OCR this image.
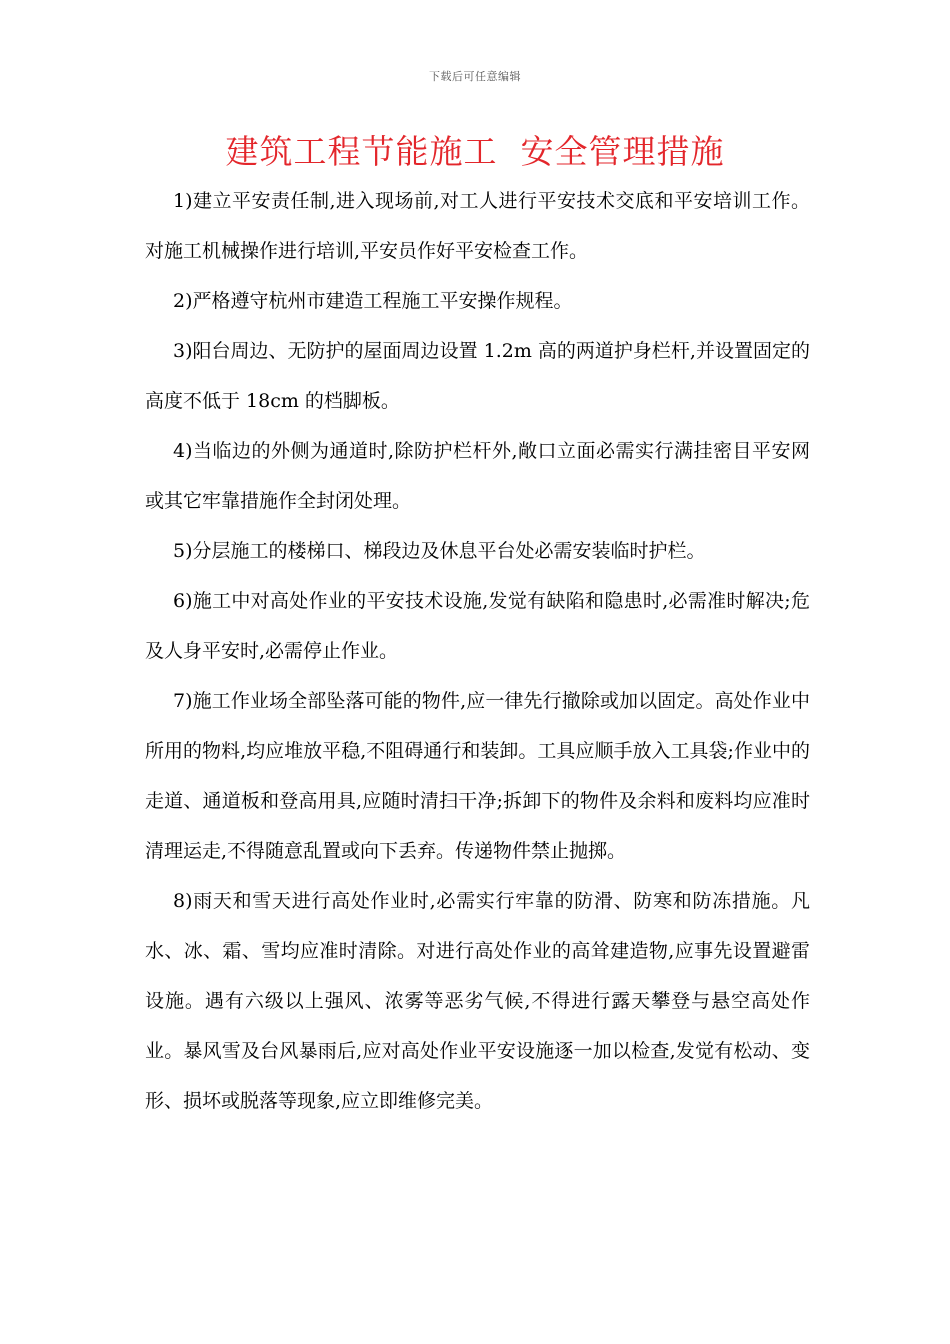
下载后可任意编辑
建筑工程节能施工  安全管理措施

1)建立平安责任制,进入现场前,对工人进行平安技术交底和平安培训工作。对施工机械操作进行培训,平安员作好平安检查工作。

2)严格遵守杭州市建造工程施工平安操作规程。

3)阳台周边、无防护的屋面周边设置 1.2m 高的两道护身栏杆,并设置固定的高度不低于 18cm 的档脚板。

4)当临边的外侧为通道时,除防护栏杆外,敞口立面必需实行满挂密目平安网或其它牢靠措施作全封闭处理。

5)分层施工的楼梯口、梯段边及休息平台处必需安装临时护栏。

6)施工中对高处作业的平安技术设施,发觉有缺陷和隐患时,必需准时解决;危及人身平安时,必需停止作业。

7)施工作业场全部坠落可能的物件,应一律先行撤除或加以固定。高处作业中所用的物料,均应堆放平稳,不阻碍通行和装卸。工具应顺手放入工具袋;作业中的走道、通道板和登高用具,应随时清扫干净;拆卸下的物件及余料和废料均应准时清理运走,不得随意乱置或向下丢弃。传递物件禁止抛掷。

8)雨天和雪天进行高处作业时,必需实行牢靠的防滑、防寒和防冻措施。凡水、冰、霜、雪均应准时清除。对进行高处作业的高耸建造物,应事先设置避雷设施。遇有六级以上强风、浓雾等恶劣气候,不得进行露天攀登与悬空高处作业。暴风雪及台风暴雨后,应对高处作业平安设施逐一加以检查,发觉有松动、变形、损坏或脱落等现象,应立即维修完美。
